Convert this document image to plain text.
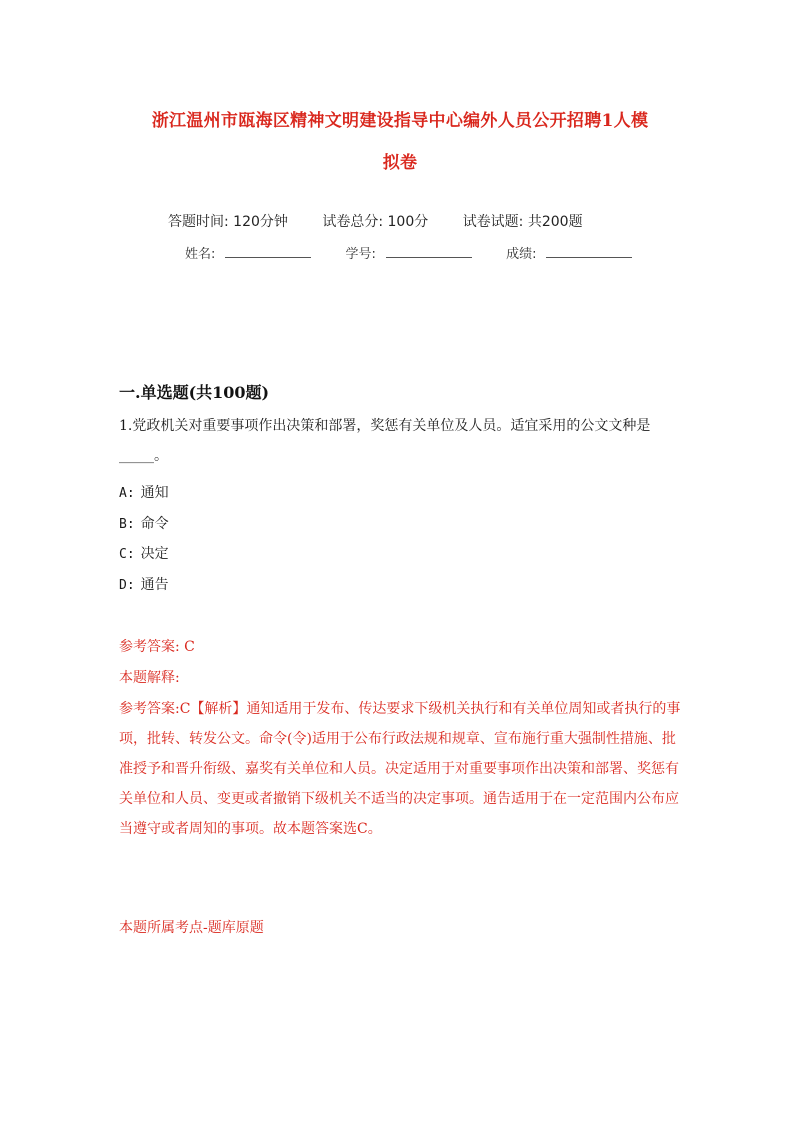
浙江温州市瓯海区精神文明建设指导中心编外人员公开招聘1人模
拟卷
答题时间: 120分钟 试卷总分: 100分 试卷试题: 共200题
姓名:	学号:	成绩:
一.单选题(共100题)
1.党政机关对重要事项作出决策和部署，奖惩有关单位及人员。适宜采用的公文文种是_____。
A: 通知
B: 命令
C: 决定
D: 通告
参考答案: C
本题解释:
参考答案:C【解析】通知适用于发布、传达要求下级机关执行和有关单位周知或者执行的事项，批转、转发公文。命令(令)适用于公布行政法规和规章、宣布施行重大强制性措施、批准授予和晋升衔级、嘉奖有关单位和人员。决定适用于对重要事项作出决策和部署、奖惩有关单位和人员、变更或者撤销下级机关不适当的决定事项。通告适用于在一定范围内公布应当遵守或者周知的事项。故本题答案选C。
本题所属考点-题库原题
